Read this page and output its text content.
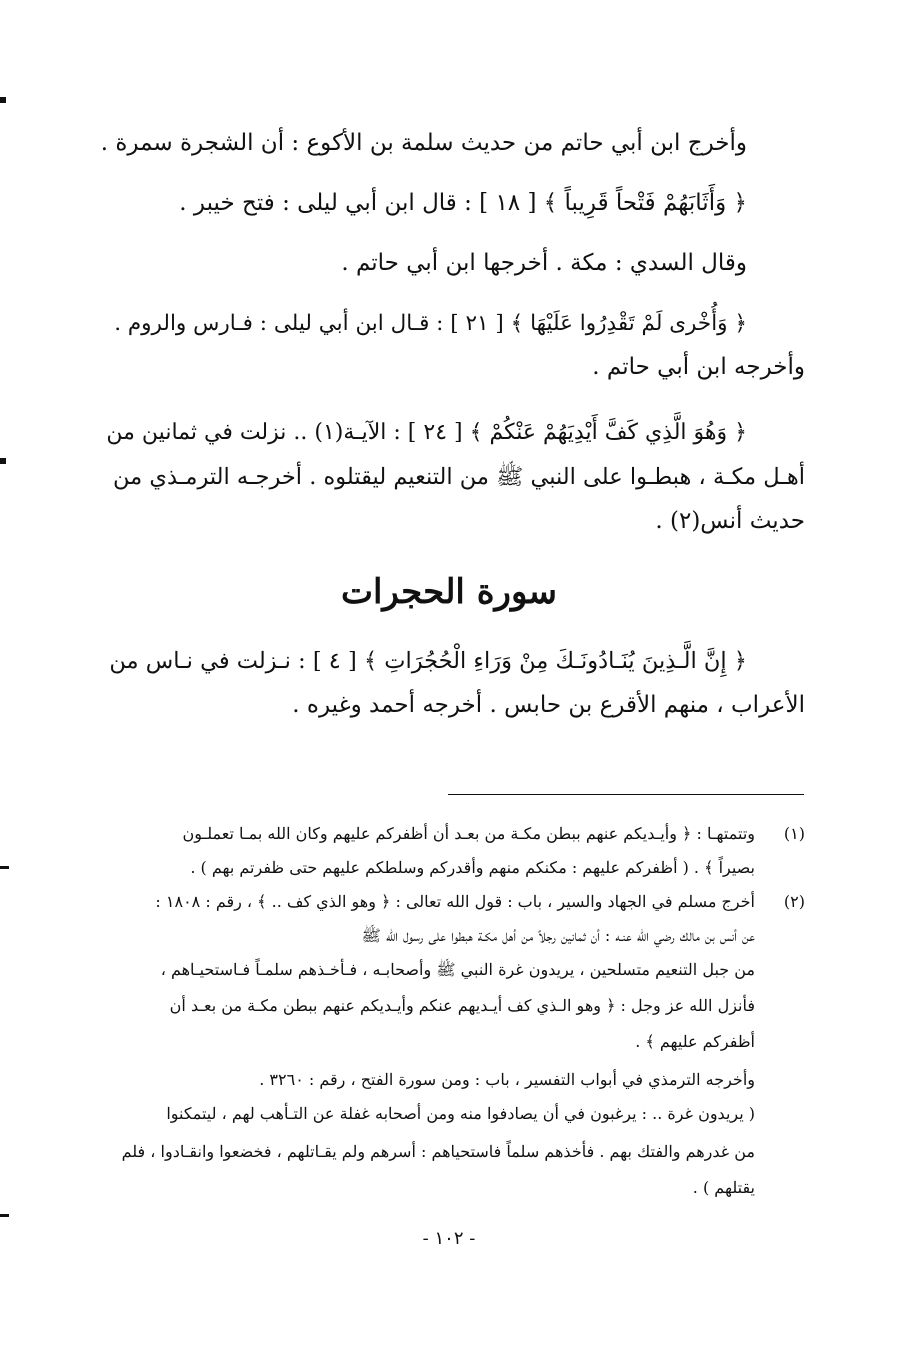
وأخرج ابن أبي حاتم من حديث سلمة بن الأكوع : أن الشجرة سمرة .
﴿ وَأَثَابَهُمْ فَتْحاً قَرِيباً ﴾ [ ١٨ ] : قال ابن أبي ليلى : فتح خيبر .
وقال السدي : مكة . أخرجها ابن أبي حاتم .
﴿ وَأُخْرى لَمْ تَقْدِرُوا عَلَيْهَا ﴾ [ ٢١ ] : قـال ابن أبي ليلى : فـارس والروم .
وأخرجه ابن أبي حاتم .
﴿ وَهُوَ الَّذِي كَفَّ أَيْدِيَهُمْ عَنْكُمْ ﴾ [ ٢٤ ] : الآيـة(١) .. نزلت في ثمانين من
أهـل مكـة ، هبطـوا على النبي ﷺ من التنعيم ليقتلوه . أخرجـه الترمـذي من
حديث أنس(٢) .
﴿ إِنَّ الَّـذِينَ يُنَـادُونَـكَ مِنْ وَرَاءِ الْحُجُرَاتِ ﴾ [ ٤ ] : نـزلت في نـاس من
الأعراب ، منهم الأقرع بن حابس . أخرجه أحمد وغيره .
سورة الحجرات
(١)
وتتمتهـا : ﴿ وأيـديكم عنهم ببطن مكـة من بعـد أن أظفركم عليهم وكان الله بمـا تعملـون
بصيراً ﴾ . ( أظفركم عليهم : مكنكم منهم وأقدركم وسلطكم عليهم حتى ظفرتم بهم ) .
(٢)
أخرج مسلم في الجهاد والسير ، باب : قول الله تعالى : ﴿ وهو الذي كف .. ﴾ ، رقم : ١٨٠٨ :
عن أنس بن مالك رضي الله عنـه : أن ثمانين رجلاً من أهل مكـة هبطوا على رسول الله ﷺ
من جبل التنعيم متسلحين ، يريدون غرة النبي ﷺ وأصحابـه ، فـأخـذهم سلمـاً فـاستحيـاهم ،
فأنزل الله عز وجل : ﴿ وهو الـذي كف أيـديهم عنكم وأيـديكم عنهم ببطن مكـة من بعـد أن
أظفركم عليهم ﴾ .
وأخرجه الترمذي في أبواب التفسير ، باب : ومن سورة الفتح ، رقم : ٣٢٦٠ .
( يريدون غرة .. : يرغبون في أن يصادفوا منه ومن أصحابه غفلة عن التـأهب لهم ، ليتمكنوا
من غدرهم والفتك بهم . فأخذهم سلماً فاستحياهم : أسرهم ولم يقـاتلهم ، فخضعوا وانقـادوا ، فلم
يقتلهم ) .
- ١٠٢ -
